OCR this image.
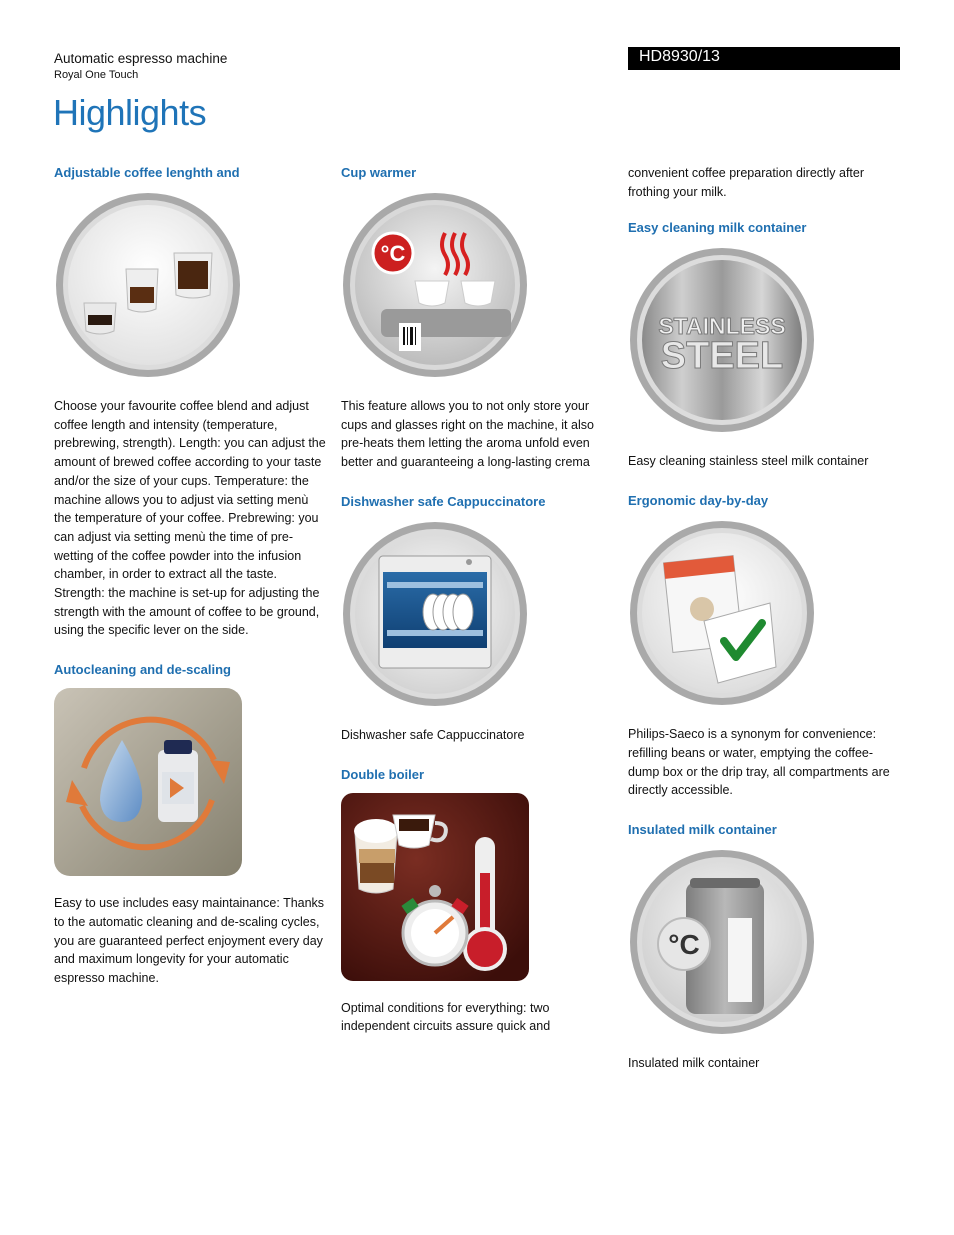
Automatic espresso machine
Royal One Touch
HD8930/13
Highlights
Adjustable coffee lenghth and

Choose your favourite coffee blend and adjust coffee length and intensity (temperature, prebrewing, strength). Length: you can adjust the amount of brewed coffee according to your taste and/or the size of your cups. Temperature: the machine allows you to adjust via setting menù the temperature of your coffee. Prebrewing: you can adjust via setting menù the time of pre-wetting of the coffee powder into the infusion chamber, in order to extract all the taste. Strength: the machine is set-up for adjusting the strength with the amount of coffee to be ground, using the specific lever on the side.

Autocleaning and de-scaling

Easy to use includes easy maintainance: Thanks to the automatic cleaning and de-scaling cycles, you are guaranteed perfect enjoyment every day and maximum longevity for your automatic espresso machine.

Cup warmer
°C

This feature allows you to not only store your cups and glasses right on the machine, it also pre-heats them letting the aroma unfold even better and guaranteeing a long-lasting crema

Dishwasher safe Cappuccinatore

Dishwasher safe Cappuccinatore

Double boiler

Optimal conditions for everything: two independent circuits assure quick and

convenient coffee preparation directly after frothing your milk.

Easy cleaning milk container
STAINLESS
STEEL

Easy cleaning stainless steel milk container

Ergonomic day-by-day

Philips-Saeco is a synonym for convenience: refilling beans or water, emptying the coffee-dump box or the drip tray, all compartments are directly accessible.

Insulated milk container
°C

Insulated milk container
